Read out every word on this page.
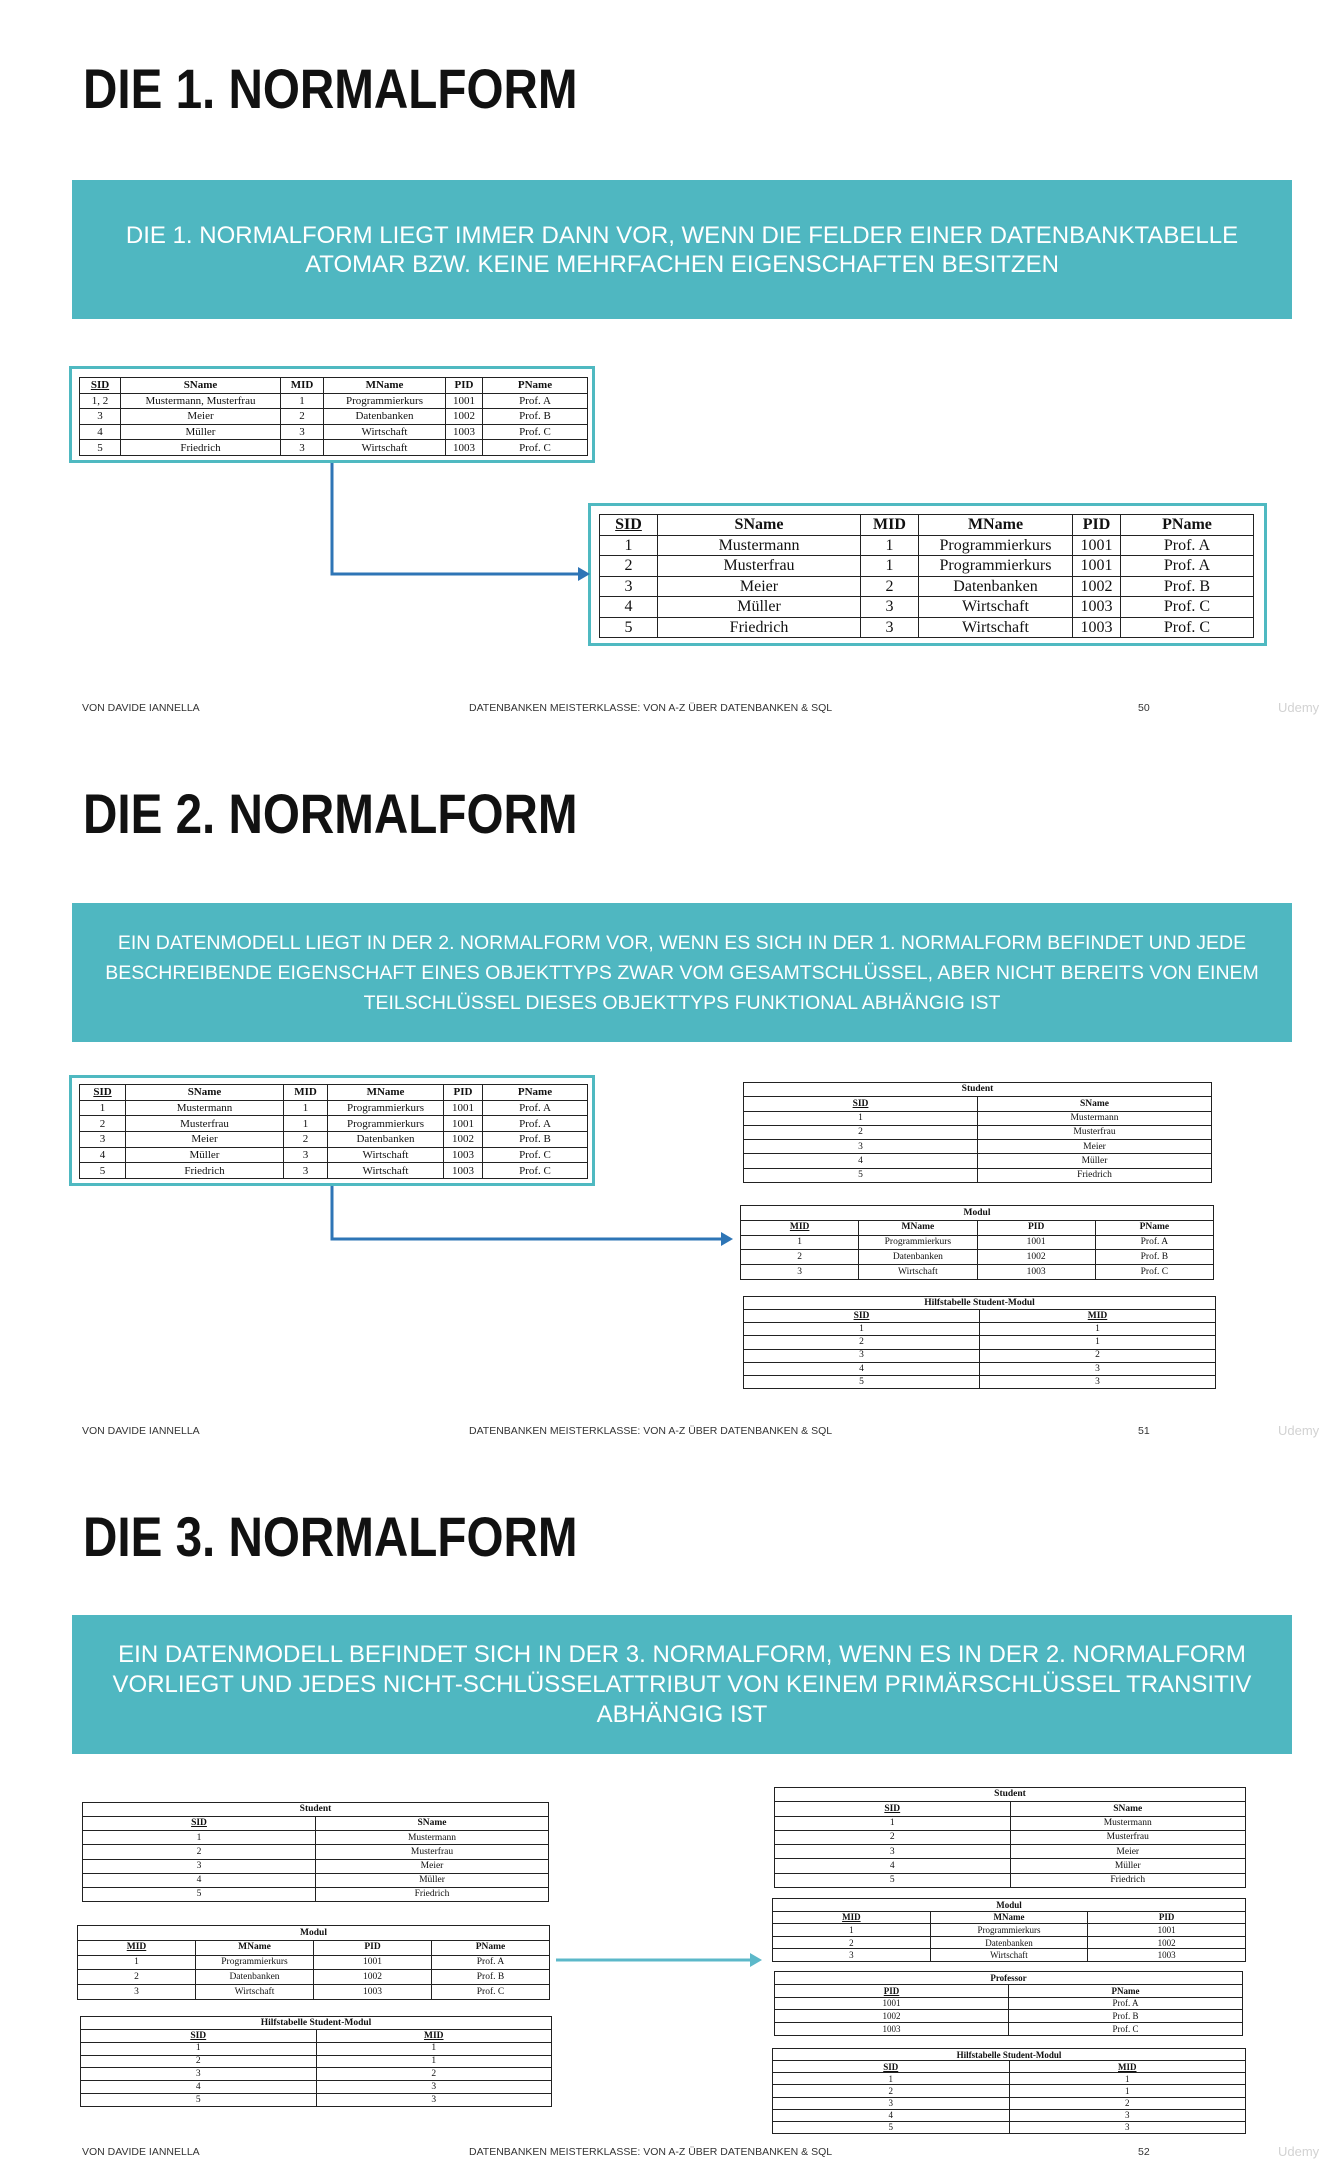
DIE 1. NORMALFORM
DIE 1. NORMALFORM LIEGT IMMER DANN VOR, WENN DIE FELDER EINER DATENBANKTABELLE
ATOMAR BZW. KEINE MEHRFACHEN EIGENSCHAFTEN BESITZEN
SID	SName	MID	MName	PID	PName
1, 2	Mustermann, Musterfrau	1	Programmierkurs	1001	Prof. A
3	Meier	2	Datenbanken	1002	Prof. B
4	Müller	3	Wirtschaft	1003	Prof. C
5	Friedrich	3	Wirtschaft	1003	Prof. C
SID	SName	MID	MName	PID	PName
1	Mustermann	1	Programmierkurs	1001	Prof. A
2	Musterfrau	1	Programmierkurs	1001	Prof. A
3	Meier	2	Datenbanken	1002	Prof. B
4	Müller	3	Wirtschaft	1003	Prof. C
5	Friedrich	3	Wirtschaft	1003	Prof. C
VON DAVIDE IANNELLA	DATENBANKEN MEISTERKLASSE: VON A-Z ÜBER DATENBANKEN & SQL	50	Udemy
DIE 2. NORMALFORM
EIN DATENMODELL LIEGT IN DER 2. NORMALFORM VOR, WENN ES SICH IN DER 1. NORMALFORM BEFINDET UND JEDE
BESCHREIBENDE EIGENSCHAFT EINES OBJEKTTYPS ZWAR VOM GESAMTSCHLÜSSEL, ABER NICHT BEREITS VON EINEM
TEILSCHLÜSSEL DIESES OBJEKTTYPS FUNKTIONAL ABHÄNGIG IST
SID	SName	MID	MName	PID	PName
1	Mustermann	1	Programmierkurs	1001	Prof. A
2	Musterfrau	1	Programmierkurs	1001	Prof. A
3	Meier	2	Datenbanken	1002	Prof. B
4	Müller	3	Wirtschaft	1003	Prof. C
5	Friedrich	3	Wirtschaft	1003	Prof. C
Student	
SID	SName
1	Mustermann
2	Musterfrau
3	Meier
4	Müller
5	Friedrich
Modul			
MID	MName	PID	PName
1	Programmierkurs	1001	Prof. A
2	Datenbanken	1002	Prof. B
3	Wirtschaft	1003	Prof. C
Hilfstabelle Student-Modul	
SID	MID
1	1
2	1
3	2
4	3
5	3
VON DAVIDE IANNELLA	DATENBANKEN MEISTERKLASSE: VON A-Z ÜBER DATENBANKEN & SQL	51	Udemy
DIE 3. NORMALFORM
EIN DATENMODELL BEFINDET SICH IN DER 3. NORMALFORM, WENN ES IN DER 2. NORMALFORM
VORLIEGT UND JEDES NICHT-SCHLÜSSELATTRIBUT VON KEINEM PRIMÄRSCHLÜSSEL TRANSITIV
ABHÄNGIG IST
Student	
SID	SName
1	Mustermann
2	Musterfrau
3	Meier
4	Müller
5	Friedrich
Modul			
MID	MName	PID	PName
1	Programmierkurs	1001	Prof. A
2	Datenbanken	1002	Prof. B
3	Wirtschaft	1003	Prof. C
Hilfstabelle Student-Modul	
SID	MID
1	1
2	1
3	2
4	3
5	3
Student	
SID	SName
1	Mustermann
2	Musterfrau
3	Meier
4	Müller
5	Friedrich
Modul		
MID	MName	PID
1	Programmierkurs	1001
2	Datenbanken	1002
3	Wirtschaft	1003
Professor	
PID	PName
1001	Prof. A
1002	Prof. B
1003	Prof. C
Hilfstabelle Student-Modul	
SID	MID
1	1
2	1
3	2
4	3
5	3
VON DAVIDE IANNELLA	DATENBANKEN MEISTERKLASSE: VON A-Z ÜBER DATENBANKEN & SQL	52	Udemy
